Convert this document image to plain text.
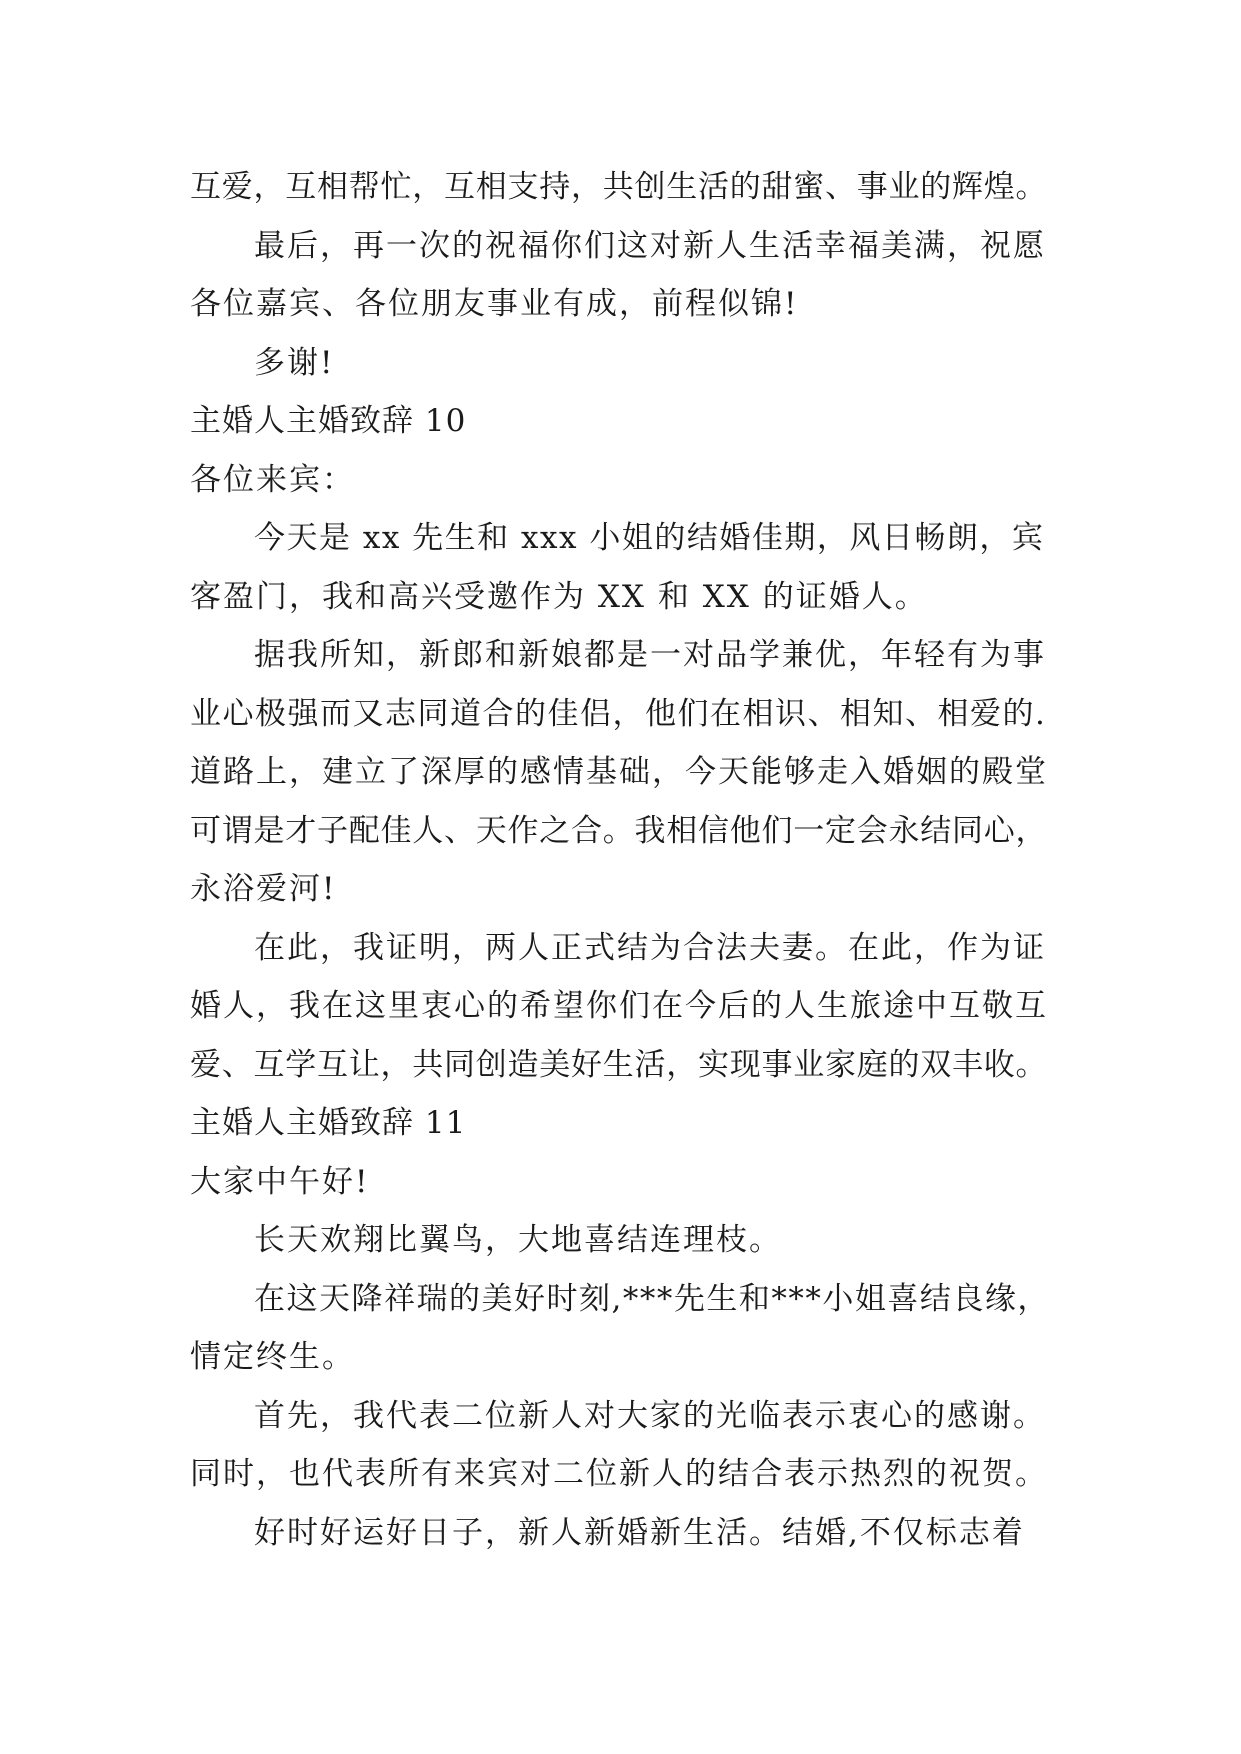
互爱，互相帮忙，互相支持，共创生活的甜蜜、事业的辉煌。
最后，再一次的祝福你们这对新人生活幸福美满，祝愿
各位嘉宾、各位朋友事业有成，前程似锦!
多谢!
主婚人主婚致辞 10
各位来宾：
今天是 xx 先生和 xxx 小姐的结婚佳期，风日畅朗，宾
客盈门，我和高兴受邀作为 XX 和 XX 的证婚人。
据我所知，新郎和新娘都是一对品学兼优，年轻有为事
业心极强而又志同道合的佳侣，他们在相识、相知、相爱的.
道路上，建立了深厚的感情基础，今天能够走入婚姻的殿堂
可谓是才子配佳人、天作之合。我相信他们一定会永结同心，
永浴爱河!
在此，我证明，两人正式结为合法夫妻。在此，作为证
婚人，我在这里衷心的希望你们在今后的人生旅途中互敬互
爱、互学互让，共同创造美好生活，实现事业家庭的双丰收。
主婚人主婚致辞 11
大家中午好!
长天欢翔比翼鸟，大地喜结连理枝。
在这天降祥瑞的美好时刻,***先生和***小姐喜结良缘，
情定终生。
首先，我代表二位新人对大家的光临表示衷心的感谢。
同时，也代表所有来宾对二位新人的结合表示热烈的祝贺。
好时好运好日子，新人新婚新生活。结婚,不仅标志着
